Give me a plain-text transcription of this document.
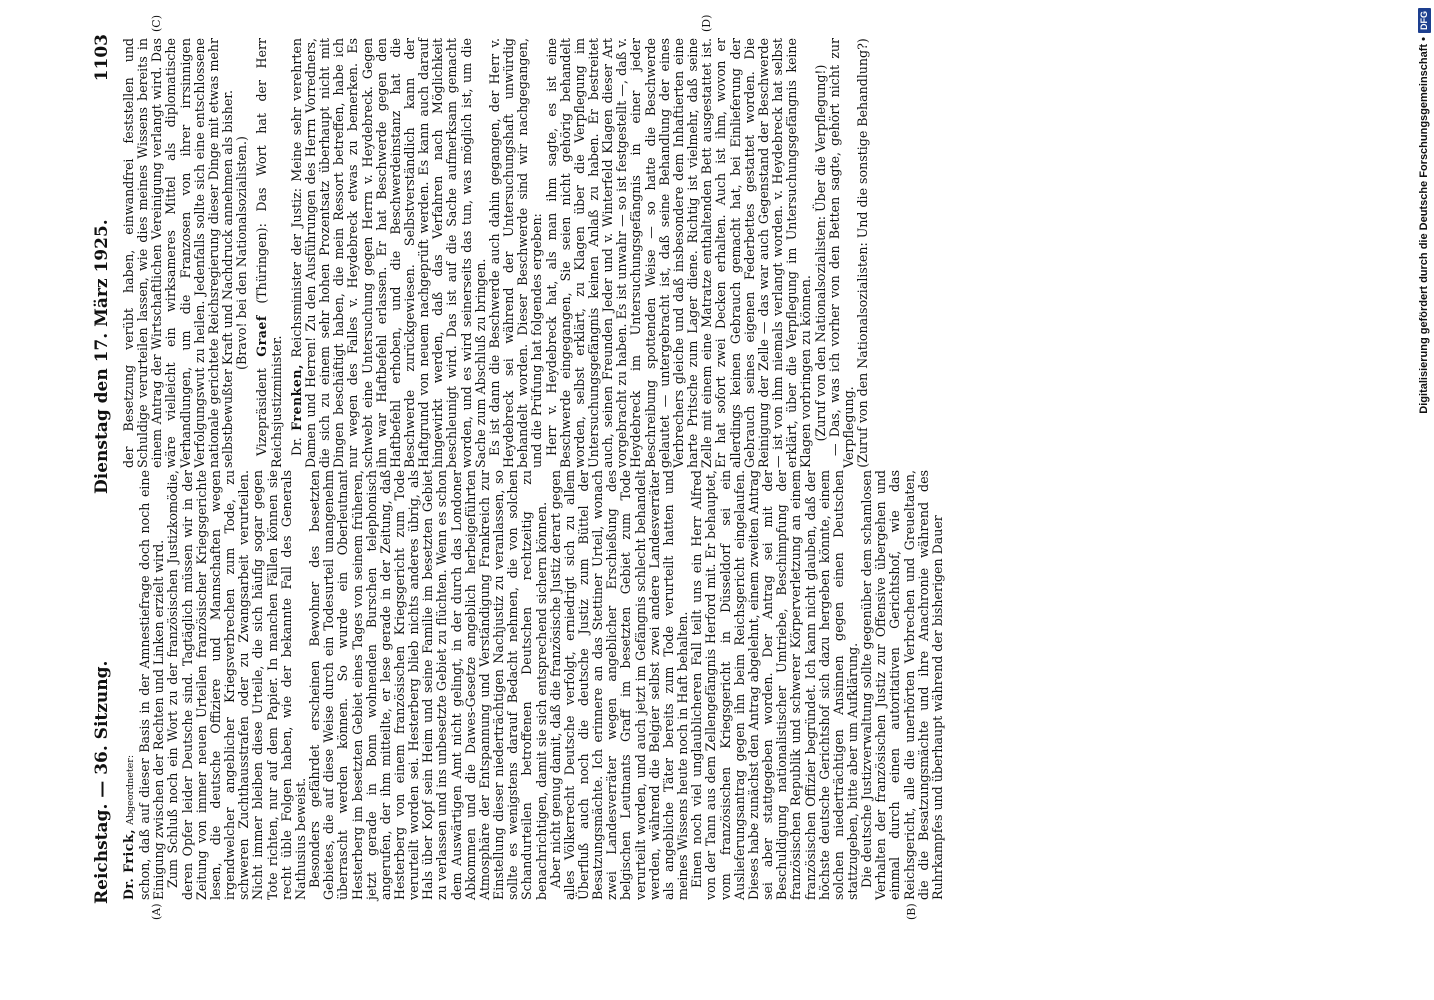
Reichstag. — 36. Sitzung.
Dienstag den 17. März 1925.
1103
(A)	(B)
(C)	(D)

Dr. Frick, Abgeordneter: schon, daß auf dieser Basis in der Amnestiefrage doch noch eine Einigung zwischen der Rechten und Linken erzielt wird. Zum Schluß noch ein Wort zu der französischen Justizkomödie, deren Opfer leider Deutsche sind. Tagtäglich müssen wir in der Zeitung von immer neuen Urteilen französischer Kriegsgerichte lesen, die deutsche Offiziere und Mannschaften wegen irgendwelcher angeblicher Kriegsverbrechen zum Tode, zu schweren Zuchthausstrafen oder zu Zwangsarbeit verurteilen. Nicht immer bleiben diese Urteile, die sich häufig sogar gegen Tote richten, nur auf dem Papier. In manchen Fällen können sie recht üble Folgen haben, wie der bekannte Fall des Generals Nathusius beweist. Besonders gefährdet erscheinen Bewohner des besetzten Gebietes, die auf diese Weise durch ein Todesurteil unangenehm überrascht werden können. So wurde ein Oberleutnant Hesterberg im besetzten Gebiet eines Tages von seinem früheren, jetzt gerade in Bonn wohnenden Burschen telephonisch angerufen, der ihm mitteilte, er lese gerade in der Zeitung, daß Hesterberg von einem französischen Kriegsgericht zum Tode verurteilt worden sei. Hesterberg blieb nichts anderes übrig, als Hals über Kopf sein Heim und seine Familie im besetzten Gebiet zu verlassen und ins unbesetzte Gebiet zu flüchten. Wenn es schon dem Auswärtigen Amt nicht gelingt, in der durch das Londoner Abkommen und die Dawes-Gesetze angeblich herbeigeführten Atmosphäre der Entspannung und Verständigung Frankreich zur Einstellung dieser niederträchtigen Nachjustiz zu veranlassen, so sollte es wenigstens darauf Bedacht nehmen, die von solchen Schandurteilen betroffenen Deutschen rechtzeitig zu benachrichtigen, damit sie sich entsprechend sichern können. Aber nicht genug damit, daß die französische Justiz derart gegen alles Völkerrecht Deutsche verfolgt, erniedrigt sich zu allem Überfluß auch noch die deutsche Justiz zum Büttel der Besatzungsmächte. Ich erinnere an das Stettiner Urteil, wonach zwei Landesverräter wegen angeblicher Erschießung des belgischen Leutnants Graff im besetzten Gebiet zum Tode verurteilt worden, und auch jetzt im Gefängnis schlecht behandelt werden, während die Belgier selbst zwei andere Landesverräter als angebliche Täter bereits zum Tode verurteilt hatten und meines Wissens heute noch in Haft behalten. Einen noch viel unglaublicheren Fall teilt uns ein Herr Alfred von der Tann aus dem Zellengefängnis Herford mit. Er behauptet, vom französischen Kriegsgericht in Düsseldorf sei ein Auslieferungsantrag gegen ihn beim Reichsgericht eingelaufen. Dieses habe zunächst den Antrag abgelehnt, einem zweiten Antrag sei aber stattgegeben worden. Der Antrag sei mit der Beschuldigung nationalistischer Umtriebe, Beschimpfung der französischen Republik und schwerer Körperverletzung an einem französischen Offizier begründet. Ich kann nicht glauben, daß der höchste deutsche Gerichtshof sich dazu hergeben könnte, einem solchen niederträchtigen Ansinnen gegen einen Deutschen stattzugeben, bitte aber um Aufklärung. Die deutsche Justizverwaltung sollte gegenüber dem schamlosen Verhalten der französischen Justiz zur Offensive übergehen und einmal durch einen autoritativen Gerichtshof, wie das Reichsgericht, alle die unerhörten Verbrechen und Greueltaten, die die Besatzungsmächte und ihre Anachronie während des Ruhrkampfes und überhaupt während der bisherigen Dauer

der Besetzung verübt haben, einwandfrei feststellen und Schuldige verurteilen lassen, wie dies meines Wissens bereits in einem Antrag der Wirtschaftlichen Vereinigung verlangt wird. Das wäre vielleicht ein wirksameres Mittel als diplomatische Verhandlungen, um die Franzosen von ihrer irrsinnigen Verfolgungswut zu heilen. Jedenfalls sollte sich eine entschlossene nationale gerichtete Reichsregierung dieser Dinge mit etwas mehr selbstbewußter Kraft und Nachdruck annehmen als bisher. (Bravo! bei den Nationalsozialisten.)

Vizepräsident Graef (Thüringen): Das Wort hat der Herr Reichsjustizminister. Dr. Frenken, Reichsminister der Justiz: Meine sehr verehrten Damen und Herren! Zu den Ausführungen des Herrn Vorredners, die sich zu einem sehr hohen Prozentsatz überhaupt nicht mit Dingen beschäftigt haben, die mein Ressort betreffen, habe ich nur wegen des Falles v. Heydebreck etwas zu bemerken. Es schwebt eine Untersuchung gegen Herrn v. Heydebreck. Gegen ihn war Haftbefehl erlassen. Er hat Beschwerde gegen den Haftbefehl erhoben, und die Beschwerdeinstanz hat die Beschwerde zurückgewiesen. Selbstverständlich kann der Haftgrund von neuem nachgeprüft werden. Es kann auch darauf hingewirkt werden, daß das Verfahren nach Möglichkeit beschleunigt wird. Das ist auf die Sache aufmerksam gemacht worden, und es wird seinerseits das tun, was möglich ist, um die Sache zum Abschluß zu bringen. Es ist dann die Beschwerde auch dahin gegangen, der Herr v. Heydebreck sei während der Untersuchungshaft unwürdig behandelt worden. Dieser Beschwerde sind wir nachgegangen, und die Prüfung hat folgendes ergeben: Herr v. Heydebreck hat, als man ihm sagte, es ist eine Beschwerde eingegangen, Sie seien nicht gehörig behandelt worden, selbst erklärt, zu Klagen über die Verpflegung im Untersuchungsgefängnis keinen Anlaß zu haben. Er bestreitet auch, seinen Freunden Jeder und v. Winterfeld Klagen dieser Art vorgebracht zu haben. Es ist unwahr — so ist festgestellt —, daß v. Heydebreck im Untersuchungsgefängnis in einer jeder Beschreibung spottenden Weise — so hatte die Beschwerde gelautet — untergebracht ist, daß seine Behandlung der eines Verbrechers gleiche und daß insbesondere dem Inhaftierten eine harte Pritsche zum Lager diene. Richtig ist vielmehr, daß seine Zelle mit einem eine Matratze enthaltenden Bett ausgestattet ist. Er hat sofort zwei Decken erhalten. Auch ist ihm, wovon er allerdings keinen Gebrauch gemacht hat, bei Einlieferung der Gebrauch seines eigenen Federbettes gestattet worden. Die Reinigung der Zelle — das war auch Gegenstand der Beschwerde — ist von ihm niemals verlangt worden. v. Heydebreck hat selbst erklärt, über die Verpflegung im Untersuchungsgefängnis keine Klagen vorbringen zu können. (Zuruf von den Nationalsozialisten: Über die Verpflegung!) — Das, was ich vorher von den Betten sagte, gehört nicht zur Verpflegung. (Zuruf von den Nationalsozialisten: Und die sonstige Behandlung?)	Digitalisierung gefördert durch die Deutsche Forschungsgemeinschaft •
DFG
